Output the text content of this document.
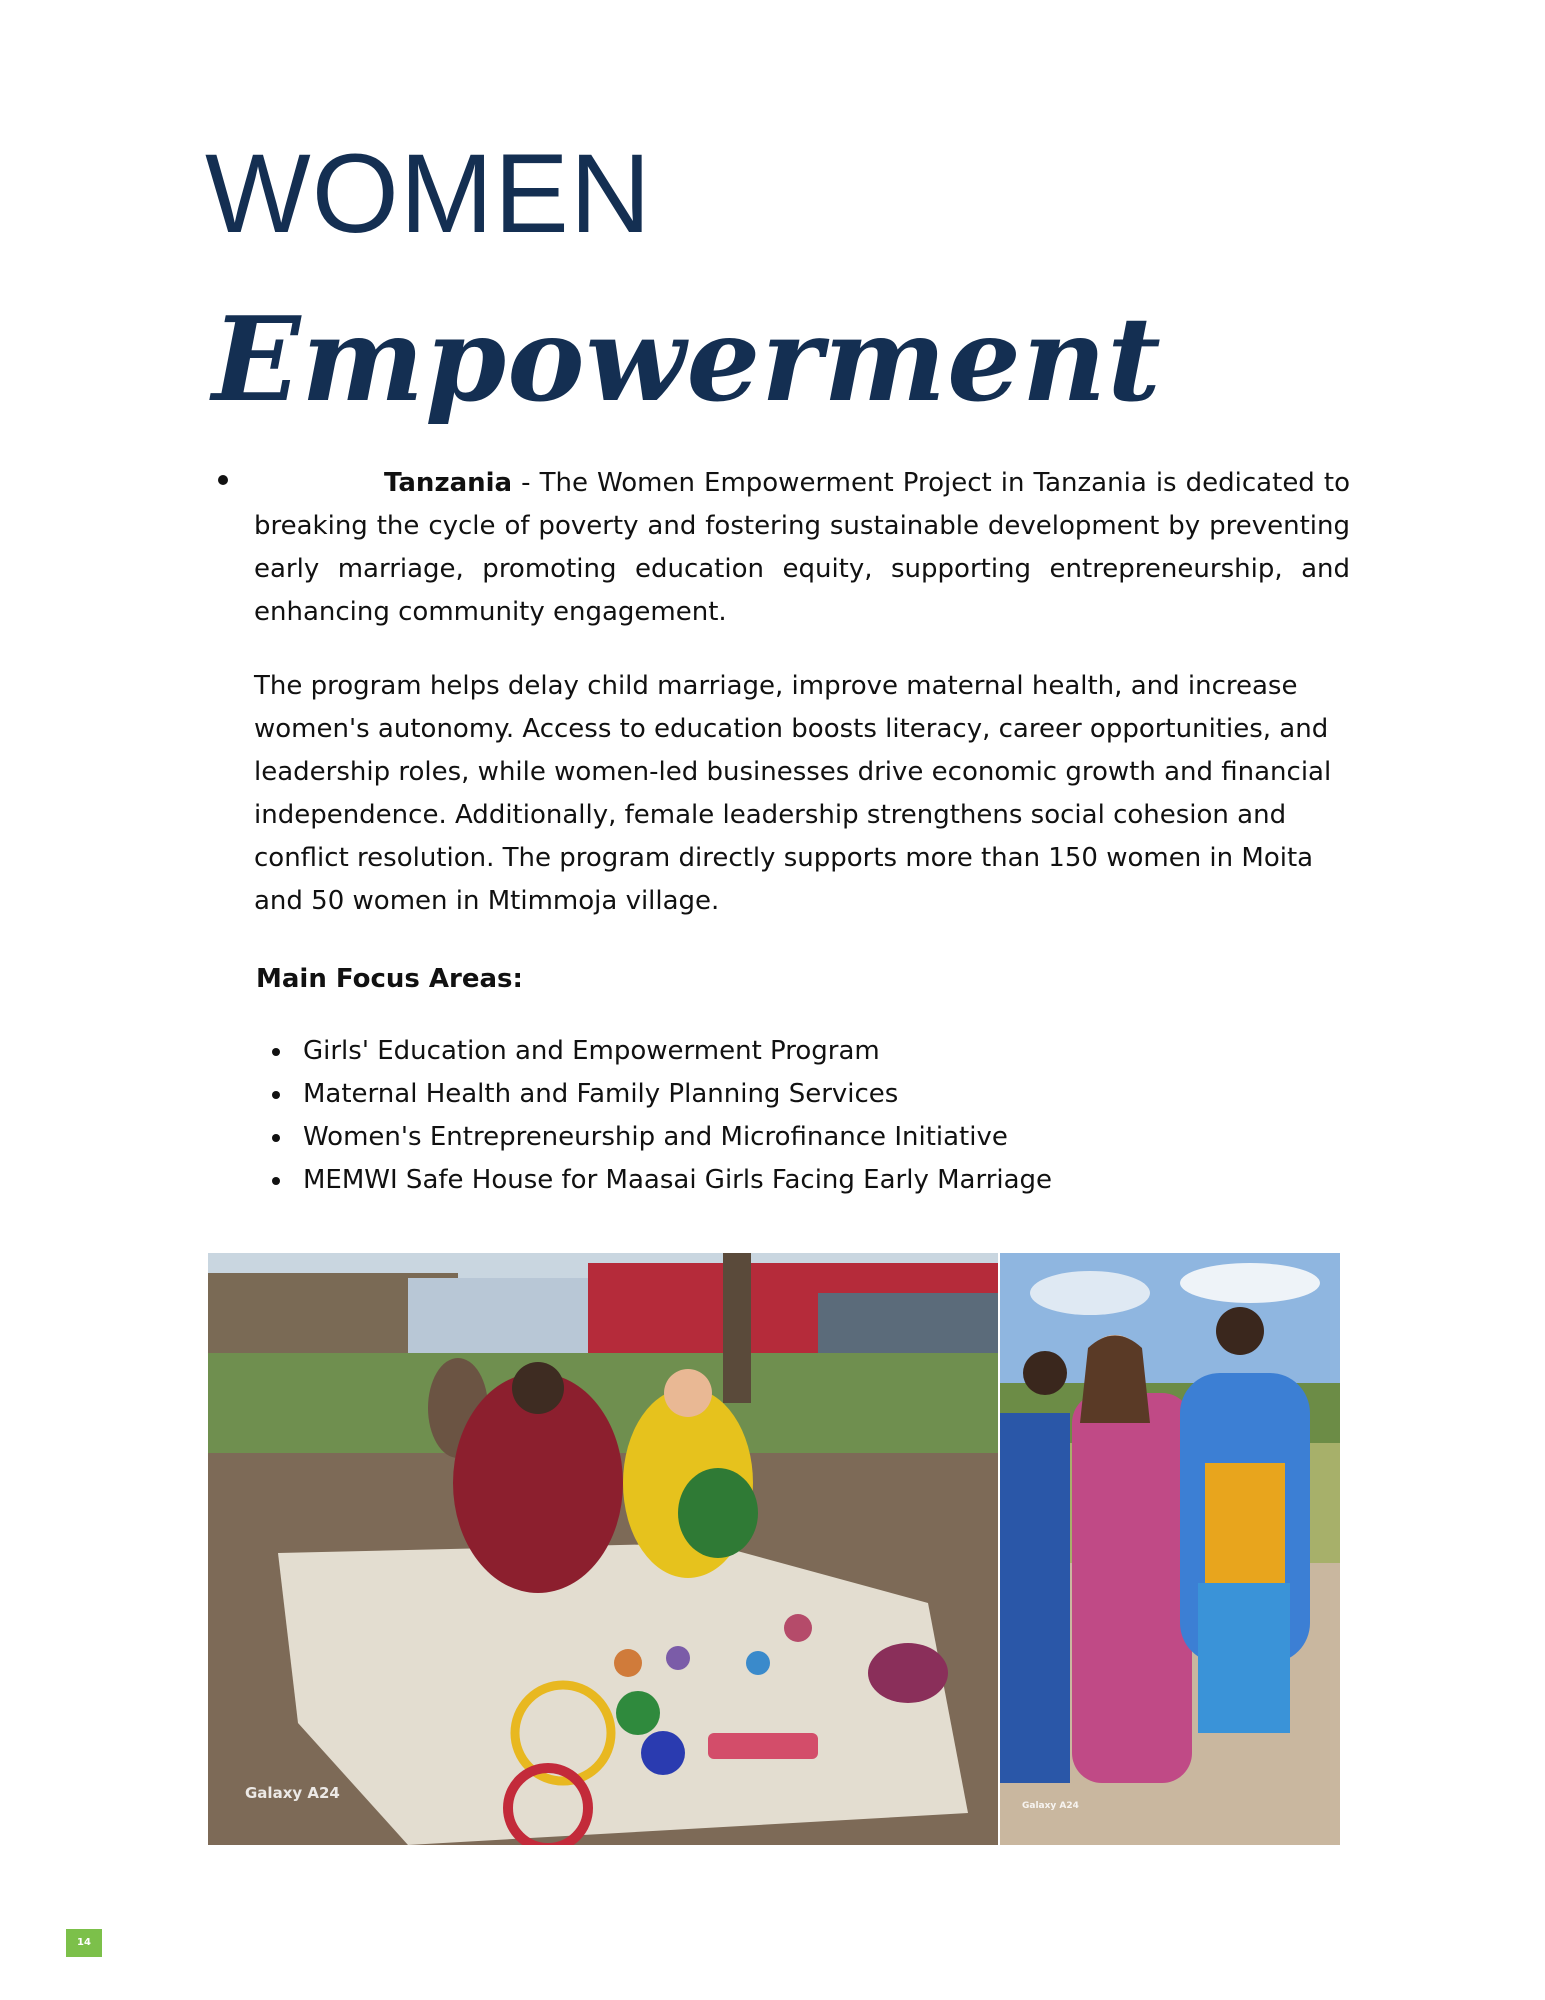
WOMEN
Empowerment

Tanzania - The Women Empowerment Project in Tanzania is dedicated to breaking the cycle of poverty and fostering sustainable development by preventing early marriage, promoting education equity, supporting entrepreneurship, and enhancing community engagement.

The program helps delay child marriage, improve maternal health, and increase women's autonomy. Access to education boosts literacy, career opportunities, and leadership roles, while women-led businesses drive economic growth and financial independence. Additionally, female leadership strengthens social cohesion and conflict resolution. The program directly supports more than 150 women in Moita and 50 women in Mtimmoja village.

Main Focus Areas:
Girls' Education and Empowerment Program
Maternal Health and Family Planning Services
Women's Entrepreneurship and Microfinance Initiative
MEMWI Safe House for Maasai Girls Facing Early Marriage
Galaxy A24
Galaxy A24
14
